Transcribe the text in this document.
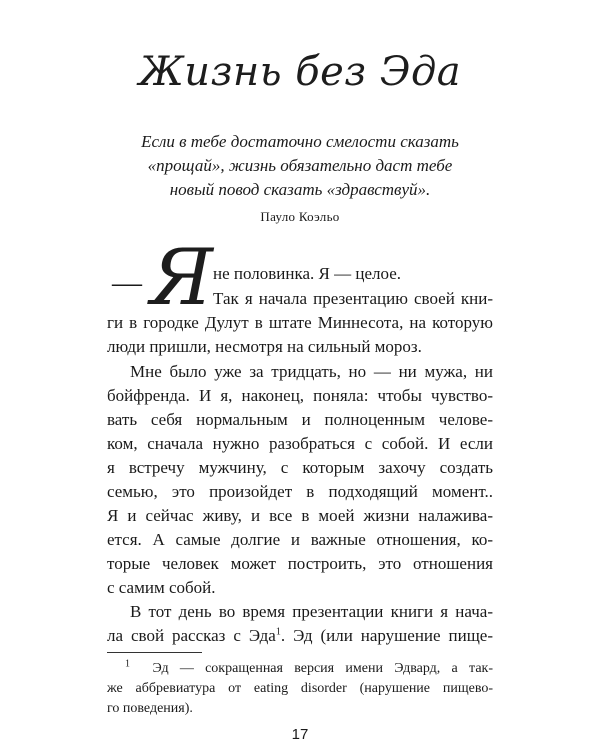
Жизнь без Эда
Если в тебе достаточно смелости сказать
«прощай», жизнь обязательно даст тебе
новый повод сказать «здравствуй».
Пауло Коэльо
— Я не половинка. Я — целое.
Так я начала презентацию своей кни-
ги в городке Дулут в штате Миннесота, на которую
люди пришли, несмотря на сильный мороз.
Мне было уже за тридцать, но — ни мужа, ни
бойфренда. И я, наконец, поняла: чтобы чувство-
вать себя нормальным и полноценным челове-
ком, сначала нужно разобраться с собой. И если
я встречу мужчину, с которым захочу создать
семью, это произойдет в подходящий момент..
Я и сейчас живу, и все в моей жизни налажива-
ется. А самые долгие и важные отношения, ко-
торые человек может построить, это отношения
с самим собой.
В тот день во время презентации книги я нача-
ла свой рассказ с Эда$^1$. Эд (или нарушение пище-
$^1$ Эд — сокращенная версия имени Эдвард, а так-
же аббревиатура от eating disorder (нарушение пищево-
го поведения).
17
